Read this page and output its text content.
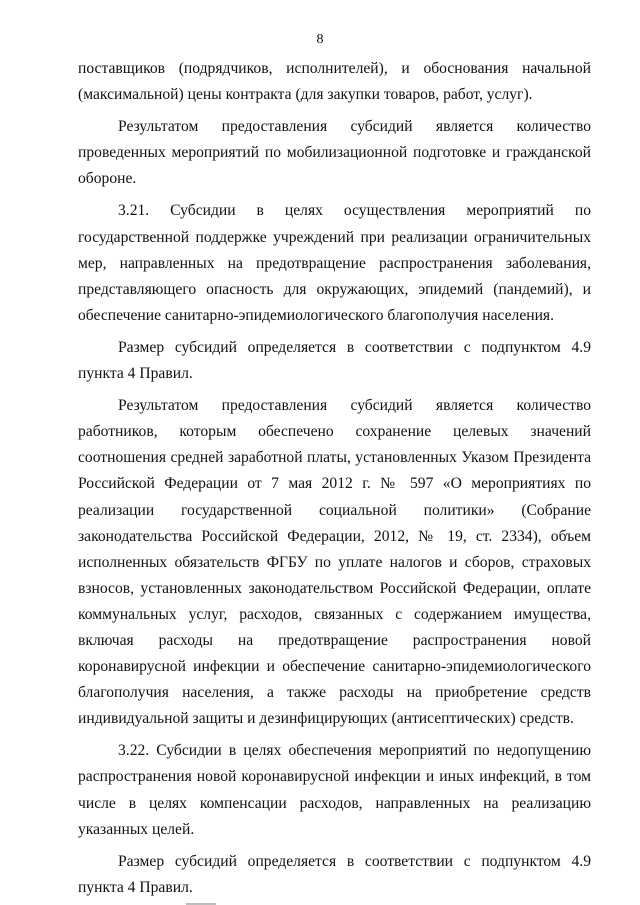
8

поставщиков (подрядчиков, исполнителей), и обоснования начальной (максимальной) цены контракта (для закупки товаров, работ, услуг).

Результатом предоставления субсидий является количество проведенных мероприятий по мобилизационной подготовке и гражданской обороне.

3.21. Субсидии в целях осуществления мероприятий по государственной поддержке учреждений при реализации ограничительных мер, направленных на предотвращение распространения заболевания, представляющего опасность для окружающих, эпидемий (пандемий), и обеспечение санитарно-эпидемиологического благополучия населения.

Размер субсидий определяется в соответствии с подпунктом 4.9 пункта 4 Правил.

Результатом предоставления субсидий является количество работников, которым обеспечено сохранение целевых значений соотношения средней заработной платы, установленных Указом Президента Российской Федерации от 7 мая 2012 г. № 597 «О мероприятиях по реализации государственной социальной политики» (Собрание законодательства Российской Федерации, 2012, № 19, ст. 2334), объем исполненных обязательств ФГБУ по уплате налогов и сборов, страховых взносов, установленных законодательством Российской Федерации, оплате коммунальных услуг, расходов, связанных с содержанием имущества, включая расходы на предотвращение распространения новой коронавирусной инфекции и обеспечение санитарно-эпидемиологического благополучия населения, а также расходы на приобретение средств индивидуальной защиты и дезинфицирующих (антисептических) средств.

3.22. Субсидии в целях обеспечения мероприятий по недопущению распространения новой коронавирусной инфекции и иных инфекций, в том числе в целях компенсации расходов, направленных на реализацию указанных целей.

Размер субсидий определяется в соответствии с подпунктом 4.9 пункта 4 Правил.
